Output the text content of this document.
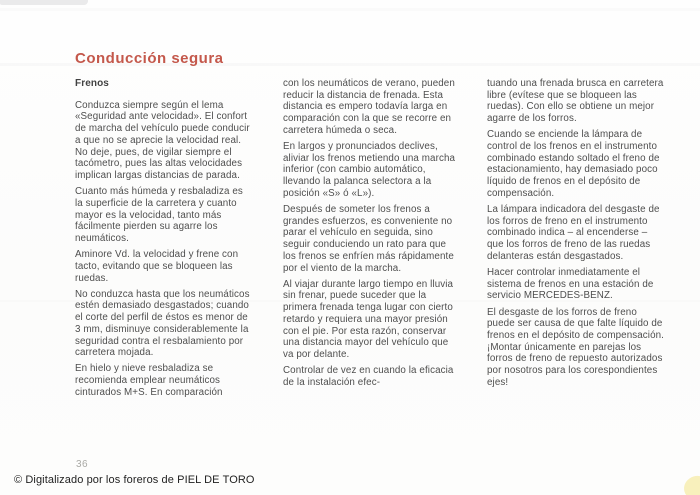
Conducción segura
Frenos

Conduzca siempre según el lema «Seguridad ante velocidad». El confort de marcha del vehículo puede conducir a que no se aprecie la velocidad real. No deje, pues, de vigilar siempre el tacómetro, pues las altas velocidades implican largas distancias de parada.

Cuanto más húmeda y resbaladiza es la superficie de la carretera y cuanto mayor es la velocidad, tanto más fácilmente pierden su agarre los neumáticos.

Aminore Vd. la velocidad y frene con tacto, evitando que se bloqueen las ruedas.

No conduzca hasta que los neumáticos estén demasiado desgastados; cuando el corte del perfil de éstos es menor de 3 mm, disminuye considerablemente la seguridad contra el resbalamiento por carretera mojada.

En hielo y nieve resbaladiza se recomienda emplear neumáticos cinturados M+S. En comparación

con los neumáticos de verano, pueden reducir la distancia de frenada. Esta distancia es empero todavía larga en comparación con la que se recorre en carretera húmeda o seca.

En largos y pronunciados declives, aliviar los frenos metiendo una marcha inferior (con cambio automático, llevando la palanca selectora a la posición «S» ó «L»).

Después de someter los frenos a grandes esfuerzos, es conveniente no parar el vehículo en seguida, sino seguir conduciendo un rato para que los frenos se enfríen más rápidamente por el viento de la marcha.

Al viajar durante largo tiempo en lluvia sin frenar, puede suceder que la primera frenada tenga lugar con cierto retardo y requiera una mayor presión con el pie. Por esta razón, conservar una distancia mayor del vehículo que va por delante.

Controlar de vez en cuando la eficacia de la instalación efec-

tuando una frenada brusca en carretera libre (evítese que se bloqueen las ruedas). Con ello se obtiene un mejor agarre de los forros.

Cuando se enciende la lámpara de control de los frenos en el instrumento combinado estando soltado el freno de estacionamiento, hay demasiado poco líquido de frenos en el depósito de compensación.

La lámpara indicadora del desgaste de los forros de freno en el instrumento combinado indica – al encenderse – que los forros de freno de las ruedas delanteras están desgastados.

Hacer controlar inmediatamente el sistema de frenos en una estación de servicio MERCEDES-BENZ.

El desgaste de los forros de freno puede ser causa de que falte líquido de frenos en el depósito de compensación. ¡Montar únicamente en parejas los forros de freno de repuesto autorizados por nosotros para los corespondientes ejes!

36
© Digitalizado por los foreros de PIEL DE TORO
